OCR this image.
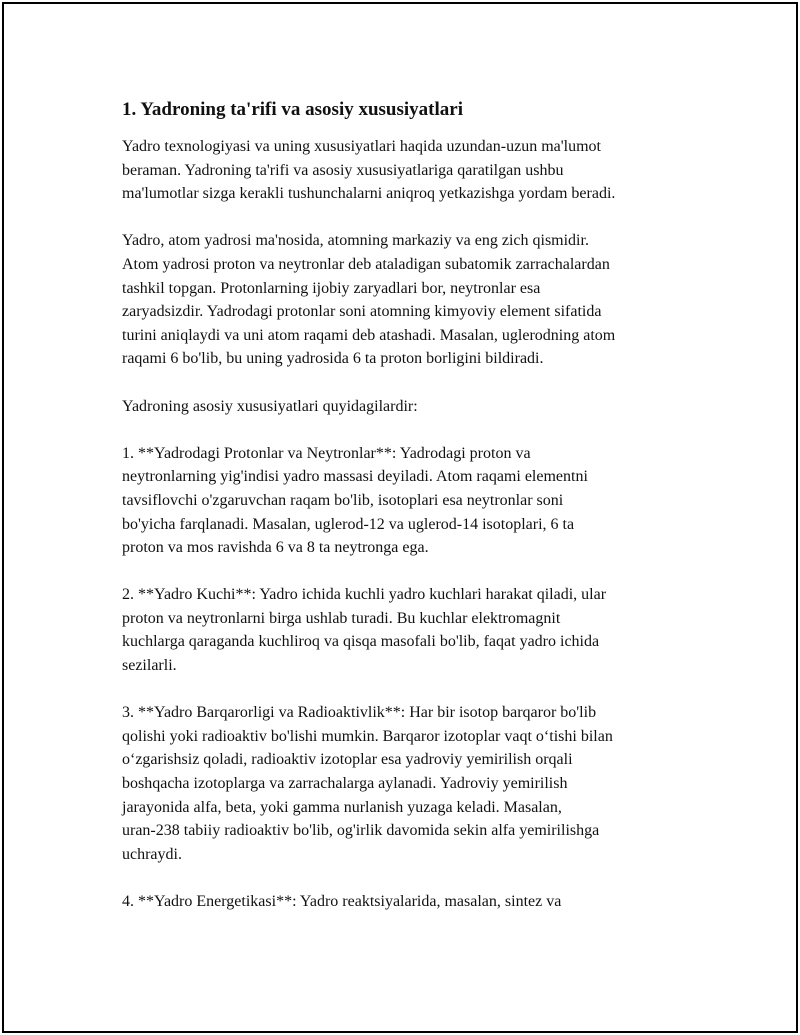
1. Yadroning ta'rifi va asosiy xususiyatlari
Yadro texnologiyasi va uning xususiyatlari haqida uzundan-uzun ma'lumot
beraman. Yadroning ta'rifi va asosiy xususiyatlariga qaratilgan ushbu
ma'lumotlar sizga kerakli tushunchalarni aniqroq yetkazishga yordam beradi.
Yadro, atom yadrosi ma'nosida, atomning markaziy va eng zich qismidir.
Atom yadrosi proton va neytronlar deb ataladigan subatomik zarrachalardan
tashkil topgan. Protonlarning ijobiy zaryadlari bor, neytronlar esa
zaryadsizdir. Yadrodagi protonlar soni atomning kimyoviy element sifatida
turini aniqlaydi va uni atom raqami deb atashadi. Masalan, uglerodning atom
raqami 6 bo'lib, bu uning yadrosida 6 ta proton borligini bildiradi.
Yadroning asosiy xususiyatlari quyidagilardir:
1. **Yadrodagi Protonlar va Neytronlar**: Yadrodagi proton va
neytronlarning yig'indisi yadro massasi deyiladi. Atom raqami elementni
tavsiflovchi o'zgaruvchan raqam bo'lib, isotoplari esa neytronlar soni
bo'yicha farqlanadi. Masalan, uglerod-12 va uglerod-14 isotoplari, 6 ta
proton va mos ravishda 6 va 8 ta neytronga ega.
2. **Yadro Kuchi**: Yadro ichida kuchli yadro kuchlari harakat qiladi, ular
proton va neytronlarni birga ushlab turadi. Bu kuchlar elektromagnit
kuchlarga qaraganda kuchliroq va qisqa masofali bo'lib, faqat yadro ichida
sezilarli.
3. **Yadro Barqarorligi va Radioaktivlik**: Har bir isotop barqaror bo'lib
qolishi yoki radioaktiv bo'lishi mumkin. Barqaror izotoplar vaqt o‘tishi bilan
o‘zgarishsiz qoladi, radioaktiv izotoplar esa yadroviy yemirilish orqali
boshqacha izotoplarga va zarrachalarga aylanadi. Yadroviy yemirilish
jarayonida alfa, beta, yoki gamma nurlanish yuzaga keladi. Masalan,
uran-238 tabiiy radioaktiv bo'lib, og'irlik davomida sekin alfa yemirilishga
uchraydi.
4. **Yadro Energetikasi**: Yadro reaktsiyalarida, masalan, sintez va
